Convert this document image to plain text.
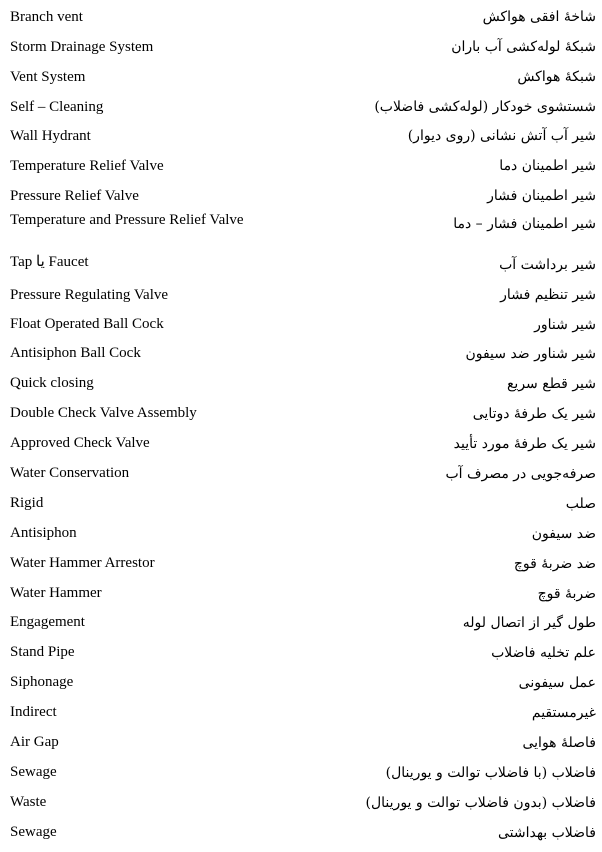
Branch vent	شاخهٔ افقی هواکش
Storm Drainage System	شبکهٔ لوله‌کشی آب باران
Vent System	شبکهٔ هواکش
Self – Cleaning	شستشوی خودکار (لوله‌کشی فاضلاب)
Wall Hydrant	شیر آب آتش نشانی (روی دیوار)
Temperature Relief Valve	شیر اطمینان دما
Pressure Relief Valve	شیر اطمینان فشار
Temperature and Pressure Relief Valve	شیر اطمینان فشار – دما
Tap یا Faucet	شیر برداشت آب
Pressure Regulating Valve	شیر تنظیم فشار
Float Operated Ball Cock	شیر شناور
Antisiphon Ball Cock	شیر شناور ضد سیفون
Quick closing	شیر قطع سریع
Double Check Valve Assembly	شیر یک طرفهٔ دوتایی
Approved Check Valve	شیر یک طرفهٔ مورد تأیید
Water Conservation	صرفه‌جویی در مصرف آب
Rigid	صلب
Antisiphon	ضد سیفون
Water Hammer Arrestor	ضد ضربهٔ قوچ
Water Hammer	ضربهٔ قوچ
Engagement	طول گیر از اتصال لوله
Stand Pipe	علم تخلیه فاضلاب
Siphonage	عمل سیفونی
Indirect	غیرمستقیم
Air Gap	فاصلهٔ هوایی
Sewage	فاضلاب (با فاضلاب توالت و یورینال)
Waste	فاضلاب (بدون فاضلاب توالت و یورینال)
Sewage	فاضلاب بهداشتی
